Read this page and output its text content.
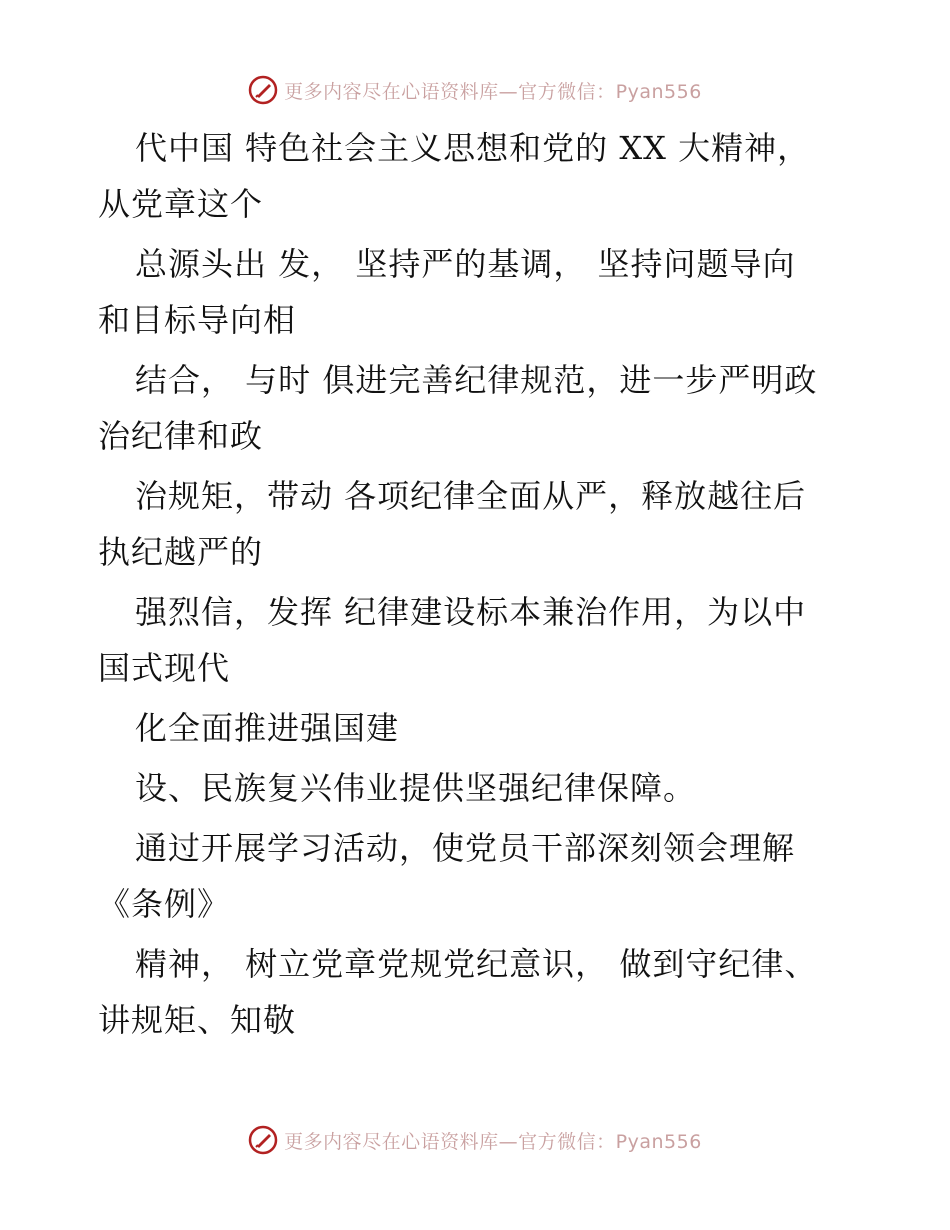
更多内容尽在心语资料库—官方微信：Pyan556
代中国 特色社会主义思想和党的 XX 大精神，
从党章这个
总源头出 发， 坚持严的基调， 坚持问题导向
和目标导向相
结合， 与时 俱进完善纪律规范，进一步严明政
治纪律和政
治规矩，带动 各项纪律全面从严，释放越往后
执纪越严的
强烈信，发挥 纪律建设标本兼治作用，为以中
国式现代
化全面推进强国建
设、民族复兴伟业提供坚强纪律保障。
通过开展学习活动，使党员干部深刻领会理解
《条例》
精神， 树立党章党规党纪意识， 做到守纪律、
讲规矩、知敬
更多内容尽在心语资料库—官方微信：Pyan556
